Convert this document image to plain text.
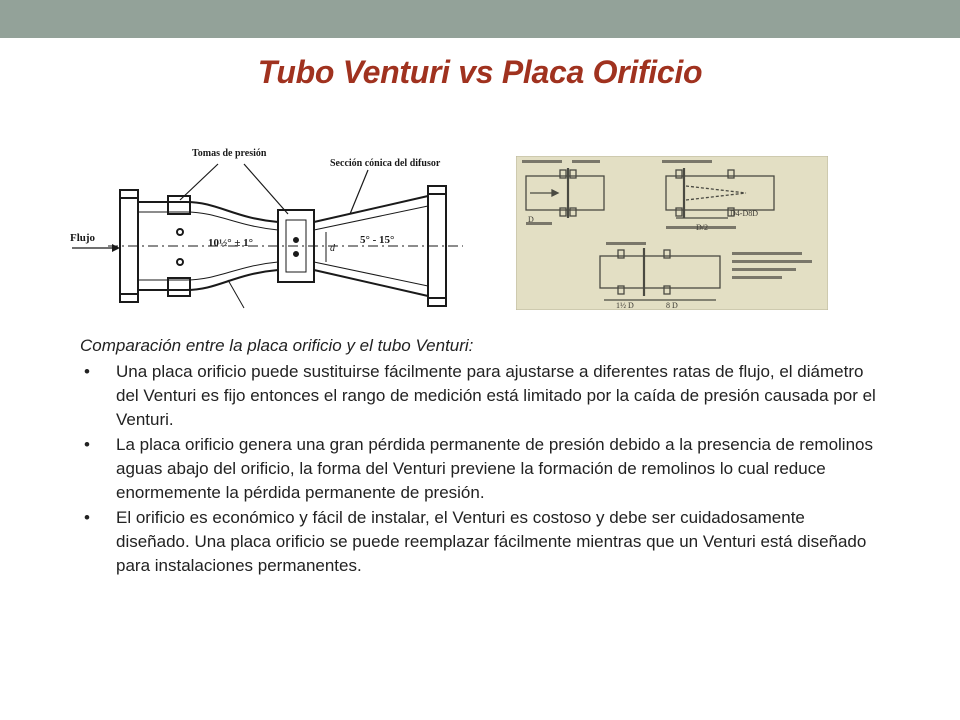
Tubo Venturi vs Placa Orificio
Tomas de presión
Sección cónica del difusor
Flujo	10½° ± 1°	5° - 15°
d
D
D/2
D4-D8D
1½ D	8 D

Comparación entre la placa orificio y el tubo Venturi:

•	Una placa orificio puede sustituirse fácilmente para ajustarse a diferentes ratas de flujo, el diámetro del Venturi es fijo entonces el rango de medición está limitado por la caída de presión causada por el Venturi.
•	La placa orificio genera una gran pérdida permanente de presión debido a la presencia de remolinos aguas abajo del orificio, la forma del Venturi previene la formación de remolinos lo cual reduce enormemente la pérdida permanente de presión.
•	El orificio es económico y fácil de instalar, el Venturi es costoso y debe ser cuidadosamente diseñado. Una placa orificio se puede reemplazar fácilmente mientras que un Venturi está diseñado para instalaciones permanentes.
